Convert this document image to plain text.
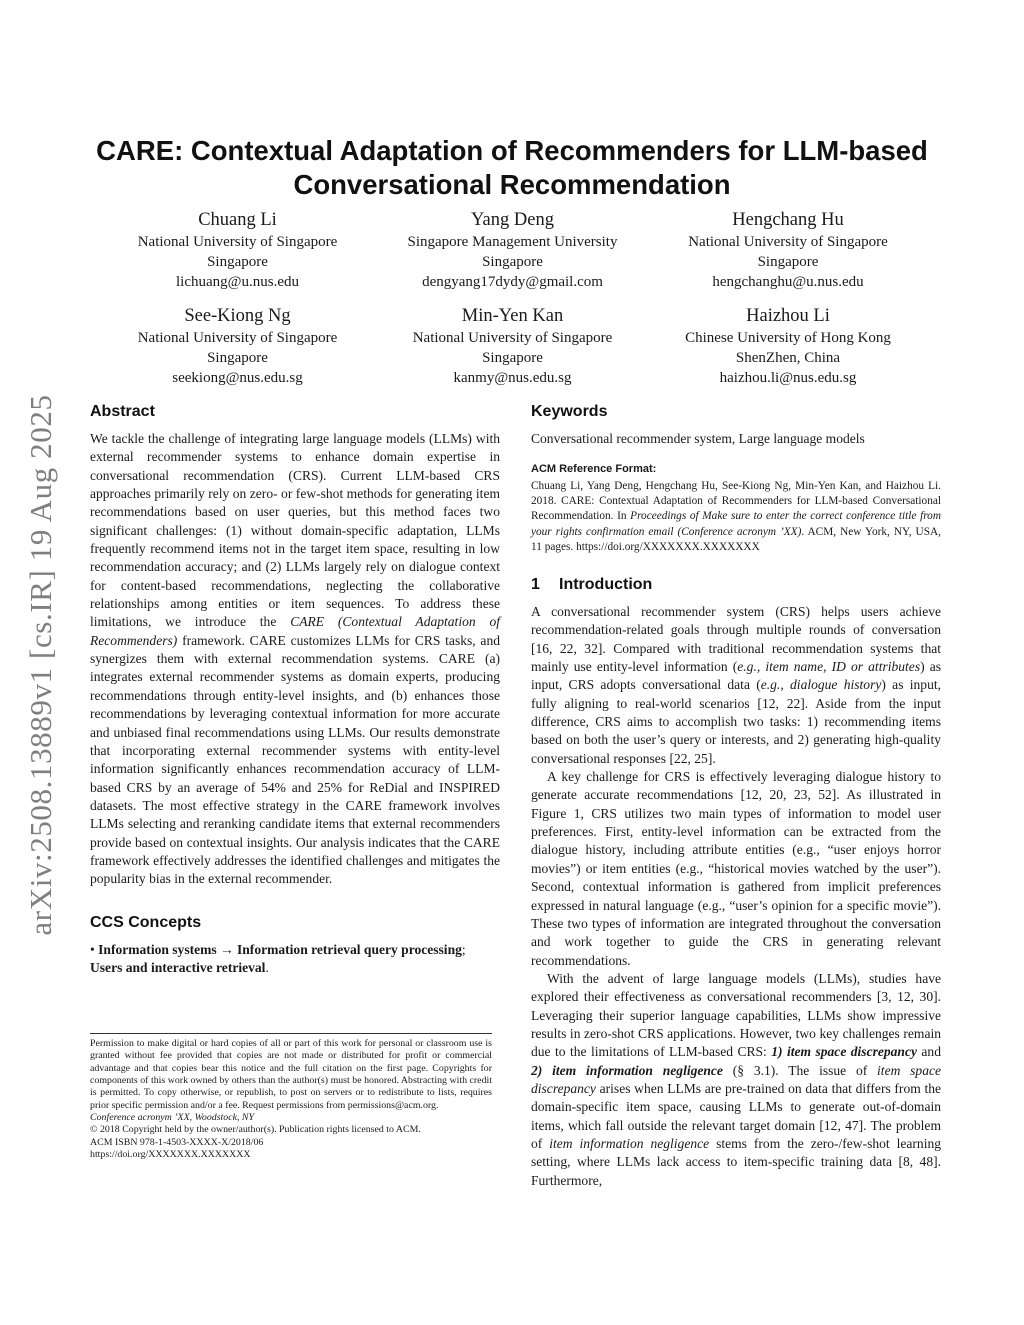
arXiv:2508.13889v1 [cs.IR] 19 Aug 2025
CARE: Contextual Adaptation of Recommenders for LLM-based
Conversational Recommendation
Chuang Li
National University of Singapore
Singapore
lichuang@u.nus.edu
Yang Deng
Singapore Management University
Singapore
dengyang17dydy@gmail.com
Hengchang Hu
National University of Singapore
Singapore
hengchanghu@u.nus.edu
See-Kiong Ng
National University of Singapore
Singapore
seekiong@nus.edu.sg
Min-Yen Kan
National University of Singapore
Singapore
kanmy@nus.edu.sg
Haizhou Li
Chinese University of Hong Kong
ShenZhen, China
haizhou.li@nus.edu.sg
Abstract

We tackle the challenge of integrating large language models (LLMs) with external recommender systems to enhance domain expertise in conversational recommendation (CRS). Current LLM-based CRS approaches primarily rely on zero- or few-shot methods for generating item recommendations based on user queries, but this method faces two significant challenges: (1) without domain-specific adaptation, LLMs frequently recommend items not in the target item space, resulting in low recommendation accuracy; and (2) LLMs largely rely on dialogue context for content-based recommendations, neglecting the collaborative relationships among entities or item sequences. To address these limitations, we introduce the CARE (Contextual Adaptation of Recommenders) framework. CARE customizes LLMs for CRS tasks, and synergizes them with external recommendation systems. CARE (a) integrates external recommender systems as domain experts, producing recommendations through entity-level insights, and (b) enhances those recommendations by leveraging contextual information for more accurate and unbiased final recommendations using LLMs. Our results demonstrate that incorporating external recommender systems with entity-level information significantly enhances recommendation accuracy of LLM-based CRS by an average of 54% and 25% for ReDial and INSPIRED datasets. The most effective strategy in the CARE framework involves LLMs selecting and reranking candidate items that external recommenders provide based on contextual insights. Our analysis indicates that the CARE framework effectively addresses the identified challenges and mitigates the popularity bias in the external recommender.

CCS Concepts
• Information systems → Information retrieval query processing; Users and interactive retrieval.

Permission to make digital or hard copies of all or part of this work for personal or classroom use is granted without fee provided that copies are not made or distributed for profit or commercial advantage and that copies bear this notice and the full citation on the first page. Copyrights for components of this work owned by others than the author(s) must be honored. Abstracting with credit is permitted. To copy otherwise, or republish, to post on servers or to redistribute to lists, requires prior specific permission and/or a fee. Request permissions from permissions@acm.org.

Conference acronym ’XX, Woodstock, NY

© 2018 Copyright held by the owner/author(s). Publication rights licensed to ACM.

ACM ISBN 978-1-4503-XXXX-X/2018/06

https://doi.org/XXXXXXX.XXXXXXX

Keywords

Conversational recommender system, Large language models

ACM Reference Format:

Chuang Li, Yang Deng, Hengchang Hu, See-Kiong Ng, Min-Yen Kan, and Haizhou Li. 2018. CARE: Contextual Adaptation of Recommenders for LLM-based Conversational Recommendation. In Proceedings of Make sure to enter the correct conference title from your rights confirmation email (Conference acronym ’XX). ACM, New York, NY, USA, 11 pages. https://doi.org/XXXXXXX.XXXXXXX

1 Introduction

A conversational recommender system (CRS) helps users achieve recommendation-related goals through multiple rounds of conversation [16, 22, 32]. Compared with traditional recommendation systems that mainly use entity-level information (e.g., item name, ID or attributes) as input, CRS adopts conversational data (e.g., dialogue history) as input, fully aligning to real-world scenarios [12, 22]. Aside from the input difference, CRS aims to accomplish two tasks: 1) recommending items based on both the user’s query or interests, and 2) generating high-quality conversational responses [22, 25].

A key challenge for CRS is effectively leveraging dialogue history to generate accurate recommendations [12, 20, 23, 52]. As illustrated in Figure 1, CRS utilizes two main types of information to model user preferences. First, entity-level information can be extracted from the dialogue history, including attribute entities (e.g., “user enjoys horror movies”) or item entities (e.g., “historical movies watched by the user”). Second, contextual information is gathered from implicit preferences expressed in natural language (e.g., “user’s opinion for a specific movie”). These two types of information are integrated throughout the conversation and work together to guide the CRS in generating relevant recommendations.

With the advent of large language models (LLMs), studies have explored their effectiveness as conversational recommenders [3, 12, 30]. Leveraging their superior language capabilities, LLMs show impressive results in zero-shot CRS applications. However, two key challenges remain due to the limitations of LLM-based CRS: 1) item space discrepancy and 2) item information negligence (§ 3.1). The issue of item space discrepancy arises when LLMs are pre-trained on data that differs from the domain-specific item space, causing LLMs to generate out-of-domain items, which fall outside the relevant target domain [12, 47]. The problem of item information negligence stems from the zero-/few-shot learning setting, where LLMs lack access to item-specific training data [8, 48]. Furthermore,
